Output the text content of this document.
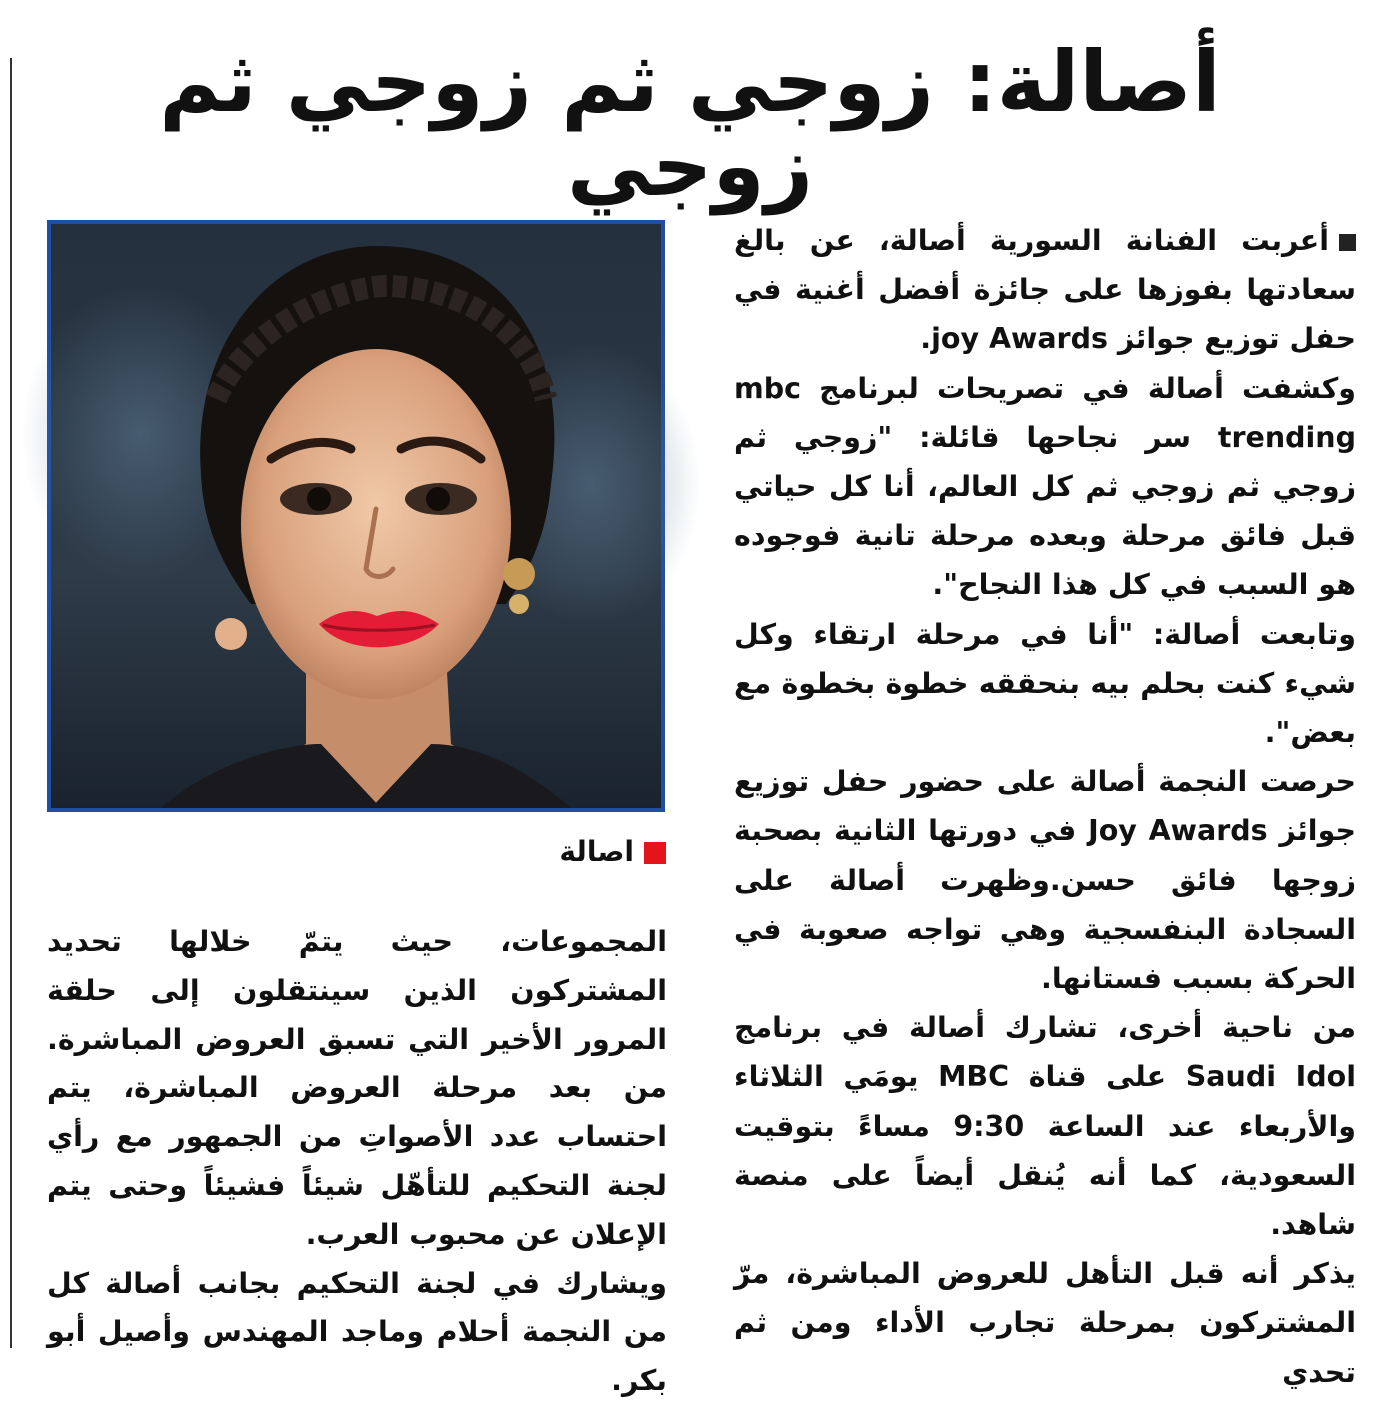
أصالة: زوجي ثم زوجي ثم زوجي

أعربت الفنانة السورية أصالة، عن بالغ سعادتها بفوزها على جائزة أفضل أغنية في حفل توزيع جوائز joy Awards.

وكشفت أصالة في تصريحات لبرنامج mbc trending سر نجاحها قائلة: "زوجي ثم زوجي ثم زوجي ثم كل العالم، أنا كل حياتي قبل فائق مرحلة وبعده مرحلة تانية فوجوده هو السبب في كل هذا النجاح".

وتابعت أصالة: "أنا في مرحلة ارتقاء وكل شيء كنت بحلم بيه بنحققه خطوة بخطوة مع بعض".

حرصت النجمة أصالة على حضور حفل توزيع جوائز Joy Awards في دورتها الثانية بصحبة زوجها فائق حسن.وظهرت أصالة على السجادة البنفسجية وهي تواجه صعوبة في الحركة بسبب فستانها.

من ناحية أخرى، تشارك أصالة في برنامج Saudi Idol على قناة MBC يومَي الثلاثاء والأربعاء عند الساعة 9:30 مساءً بتوقيت السعودية، كما أنه يُنقل أيضاً على منصة شاهد.

يذكر أنه قبل التأهل للعروض المباشرة، مرّ المشتركون بمرحلة تجارب الأداء ومن ثم تحدي

اصالة

المجموعات، حيث يتمّ خلالها تحديد المشتركون الذين سينتقلون إلى حلقة المرور الأخير التي تسبق العروض المباشرة. من بعد مرحلة العروض المباشرة، يتم احتساب عدد الأصواتِ من الجمهور مع رأي لجنة التحكيم للتأهّل شيئاً فشيئاً وحتى يتم الإعلان عن محبوب العرب.

ويشارك في لجنة التحكيم بجانب أصالة كل من النجمة أحلام وماجد المهندس وأصيل أبو بكر.
